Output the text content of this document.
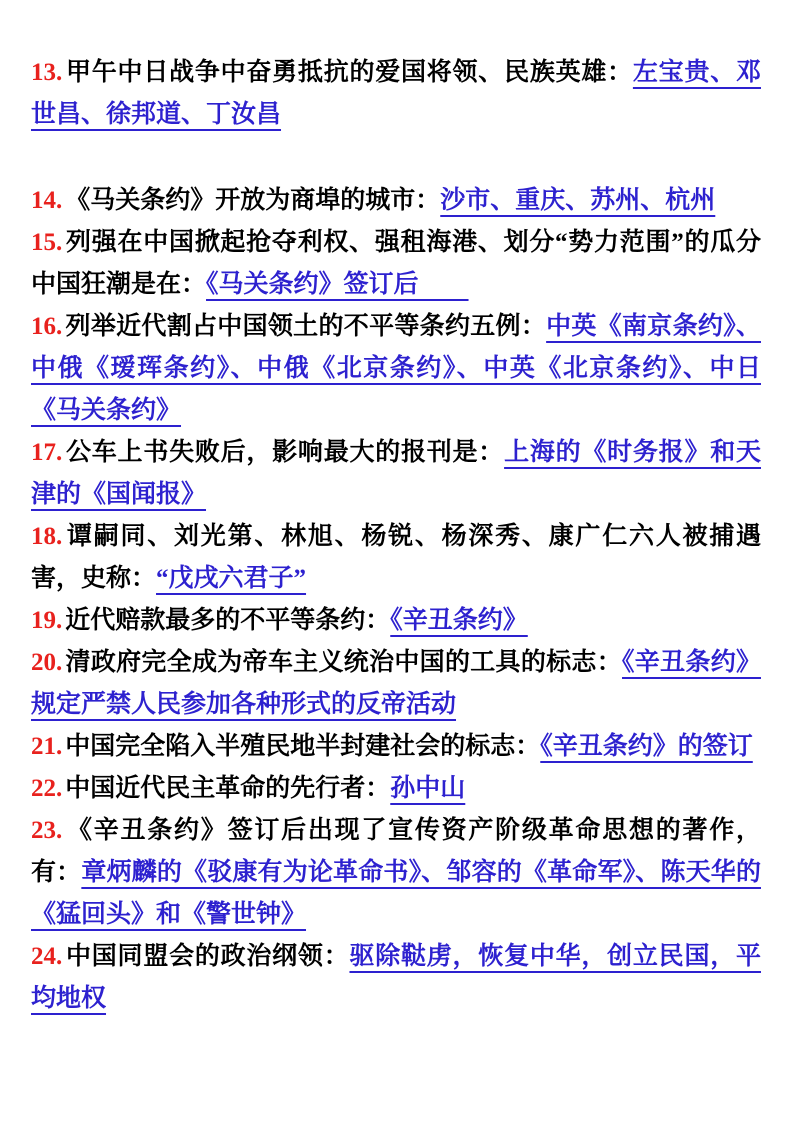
13. 甲午中日战争中奋勇抵抗的爱国将领、民族英雄：左宝贵、邓世昌、徐邦道、丁汝昌

14. 《马关条约》开放为商埠的城市：沙市、重庆、苏州、杭州

15. 列强在中国掀起抢夺利权、强租海港、划分“势力范围”的瓜分中国狂潮是在：《马关条约》签订后　　

16. 列举近代割占中国领土的不平等条约五例：中英《南京条约》、中俄《瑷珲条约》、中俄《北京条约》、中英《北京条约》、中日《马关条约》

17. 公车上书失败后，影响最大的报刊是：上海的《时务报》和天津的《国闻报》

18. 谭嗣同、刘光第、林旭、杨锐、杨深秀、康广仁六人被捕遇害，史称：“戊戌六君子”

19. 近代赔款最多的不平等条约：《辛丑条约》

20. 清政府完全成为帝车主义统治中国的工具的标志：《辛丑条约》规定严禁人民参加各种形式的反帝活动

21. 中国完全陷入半殖民地半封建社会的标志：《辛丑条约》的签订

22. 中国近代民主革命的先行者：孙中山

23. 《辛丑条约》签订后出现了宣传资产阶级革命思想的著作，有：章炳麟的《驳康有为论革命书》、邹容的《革命军》、陈天华的《猛回头》和《警世钟》

24. 中国同盟会的政治纲领：驱除鞑虏，恢复中华，创立民国，平均地权
